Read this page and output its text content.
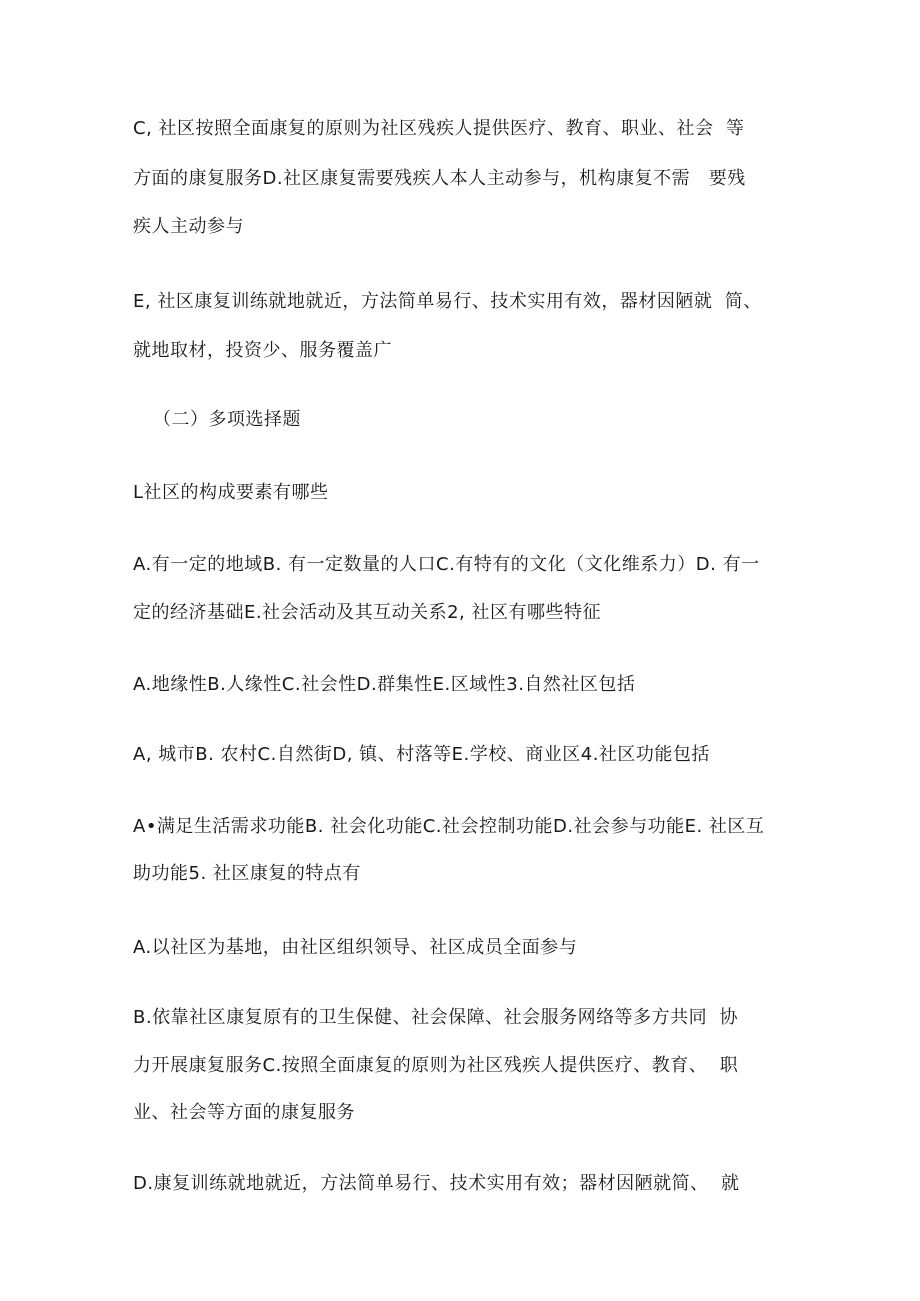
C, 社区按照全面康复的原则为社区残疾人提供医疗、教育、职业、社会  等
方面的康复服务D.社区康复需要残疾人本人主动参与，机构康复不需   要残
疾人主动参与
E, 社区康复训练就地就近，方法简单易行、技术实用有效，器材因陋就  简、
就地取材，投资少、服务覆盖广
（二）多项选择题
L社区的构成要素有哪些
A.有一定的地域B. 有一定数量的人口C.有特有的文化（文化维系力）D. 有一
定的经济基础E.社会活动及其互动关系2, 社区有哪些特征
A.地缘性B.人缘性C.社会性D.群集性E.区域性3.自然社区包括
A, 城市B. 农村C.自然街D, 镇、村落等E.学校、商业区4.社区功能包括
A•满足生活需求功能B. 社会化功能C.社会控制功能D.社会参与功能E. 社区互
助功能5. 社区康复的特点有
A.以社区为基地，由社区组织领导、社区成员全面参与
B.依靠社区康复原有的卫生保健、社会保障、社会服务网络等多方共同  协
力开展康复服务C.按照全面康复的原则为社区残疾人提供医疗、教育、  职
业、社会等方面的康复服务
D.康复训练就地就近，方法简单易行、技术实用有效；器材因陋就简、  就
